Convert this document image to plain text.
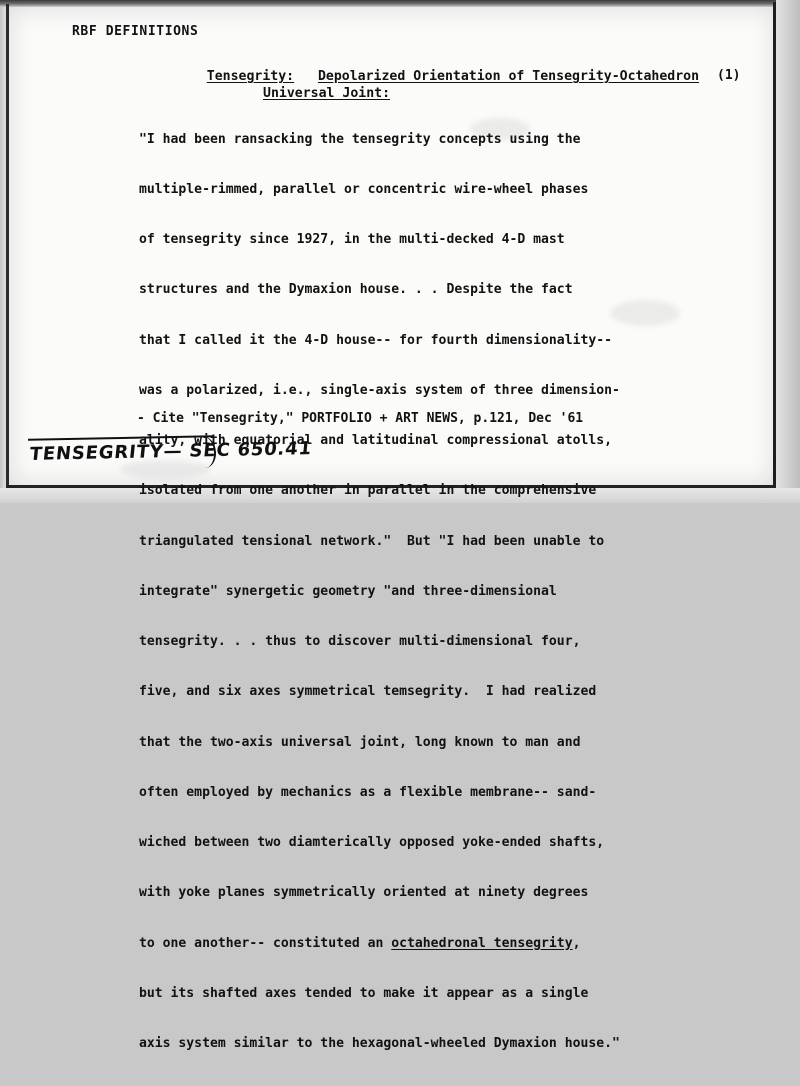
RBF DEFINITIONS

Tensegrity: Depolarized Orientation of Tensegrity-Octahedron
Universal Joint:

(1)

"I had been ransacking the tensegrity concepts using the

multiple-rimmed, parallel or concentric wire-wheel phases

of tensegrity since 1927, in the multi-decked 4-D mast

structures and the Dymaxion house. . . Despite the fact

that I called it the 4-D house-- for fourth dimensionality--

was a polarized, i.e., single-axis system of three dimension-

ality, with equatorial and latitudinal compressional atolls,

isolated from one another in parallel in the comprehensive

triangulated tensional network."  But "I had been unable to

integrate" synergetic geometry "and three-dimensional

tensegrity. . . thus to discover multi-dimensional four,

five, and six axes symmetrical temsegrity.  I had realized

that the two-axis universal joint, long known to man and

often employed by mechanics as a flexible membrane-- sand-

wiched between two diamterically opposed yoke-ended shafts,

with yoke planes symmetrically oriented at ninety degrees

to one another-- constituted an octahedronal tensegrity,

but its shafted axes tended to make it appear as a single

axis system similar to the hexagonal-wheeled Dymaxion house."

- Cite "Tensegrity," PORTFOLIO + ART NEWS, p.121, Dec '61
TENSEGRITY— SEC 650.41
